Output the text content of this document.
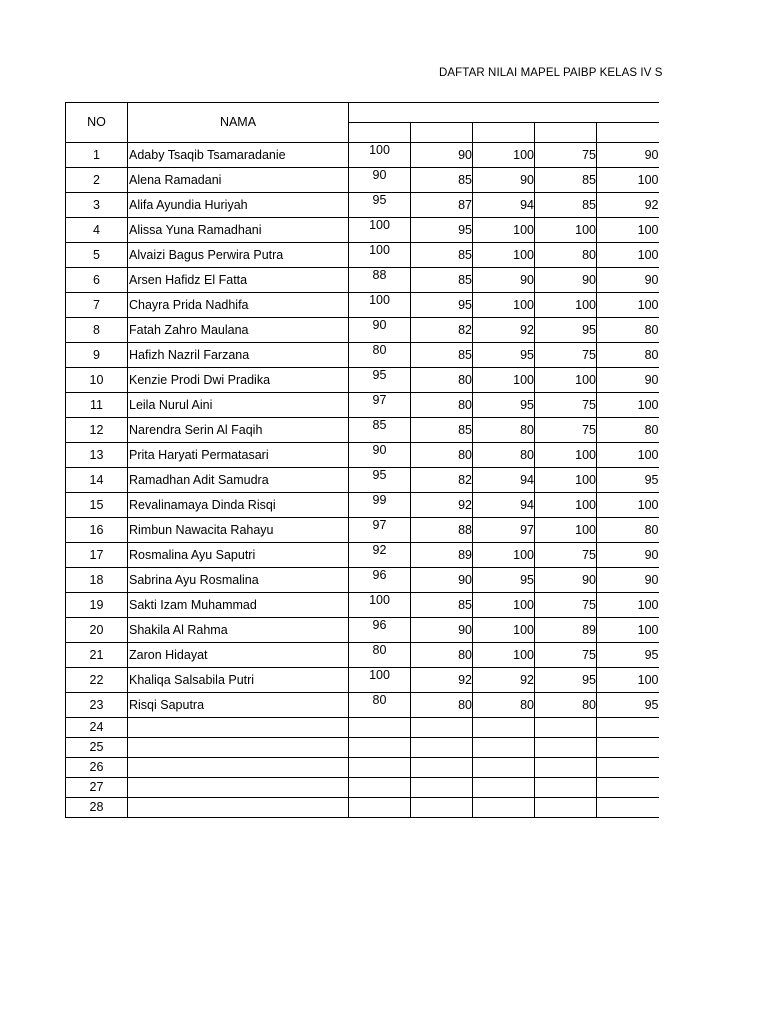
DAFTAR NILAI MAPEL PAIBP KELAS IV S
NO	NAMA					

1	Adaby Tsaqib Tsamaradanie	100	90	100	75	90
2	Alena Ramadani	90	85	90	85	100
3	Alifa Ayundia Huriyah	95	87	94	85	92
4	Alissa Yuna Ramadhani	100	95	100	100	100
5	Alvaizi Bagus Perwira Putra	100	85	100	80	100
6	Arsen Hafidz El Fatta	88	85	90	90	90
7	Chayra Prida Nadhifa	100	95	100	100	100
8	Fatah Zahro Maulana	90	82	92	95	80
9	Hafizh Nazril Farzana	80	85	95	75	80
10	Kenzie Prodi Dwi Pradika	95	80	100	100	90
11	Leila Nurul Aini	97	80	95	75	100
12	Narendra Serin Al Faqih	85	85	80	75	80
13	Prita Haryati Permatasari	90	80	80	100	100
14	Ramadhan Adit Samudra	95	82	94	100	95
15	Revalinamaya Dinda Risqi	99	92	94	100	100
16	Rimbun Nawacita Rahayu	97	88	97	100	80
17	Rosmalina Ayu Saputri	92	89	100	75	90
18	Sabrina Ayu Rosmalina	96	90	95	90	90
19	Sakti Izam Muhammad	100	85	100	75	100
20	Shakila Al Rahma	96	90	100	89	100
21	Zaron Hidayat	80	80	100	75	95
22	Khaliqa Salsabila Putri	100	92	92	95	100
23	Risqi Saputra	80	80	80	80	95
24						
25						
26						
27						
28						
